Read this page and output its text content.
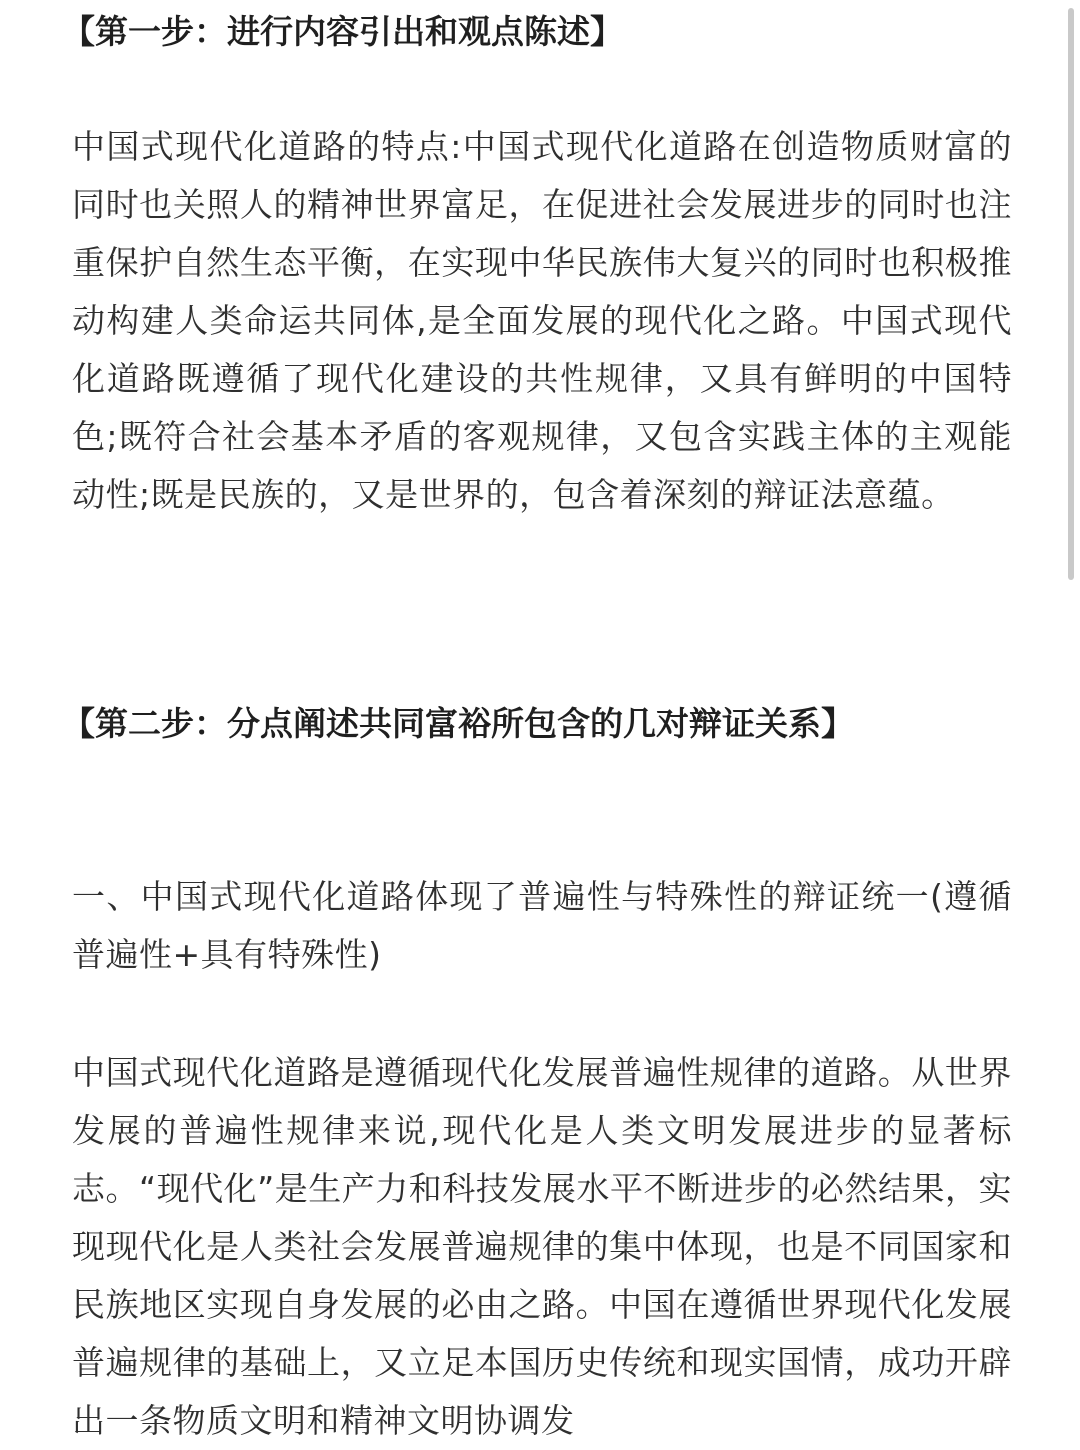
【第一步：进行内容引出和观点陈述】

中国式现代化道路的特点:中国式现代化道路在创造物质财富的同时也关照人的精神世界富足，在促进社会发展进步的同时也注重保护自然生态平衡，在实现中华民族伟大复兴的同时也积极推动构建人类命运共同体,是全面发展的现代化之路。中国式现代化道路既遵循了现代化建设的共性规律，又具有鲜明的中国特色;既符合社会基本矛盾的客观规律，又包含实践主体的主观能动性;既是民族的，又是世界的，包含着深刻的辩证法意蕴。

【第二步：分点阐述共同富裕所包含的几对辩证关系】

一、中国式现代化道路体现了普遍性与特殊性的辩证统一(遵循普遍性+具有特殊性)

中国式现代化道路是遵循现代化发展普遍性规律的道路。从世界发展的普遍性规律来说,现代化是人类文明发展进步的显著标志。“现代化”是生产力和科技发展水平不断进步的必然结果，实现现代化是人类社会发展普遍规律的集中体现，也是不同国家和民族地区实现自身发展的必由之路。中国在遵循世界现代化发展普遍规律的基础上，又立足本国历史传统和现实国情，成功开辟出一条物质文明和精神文明协调发
